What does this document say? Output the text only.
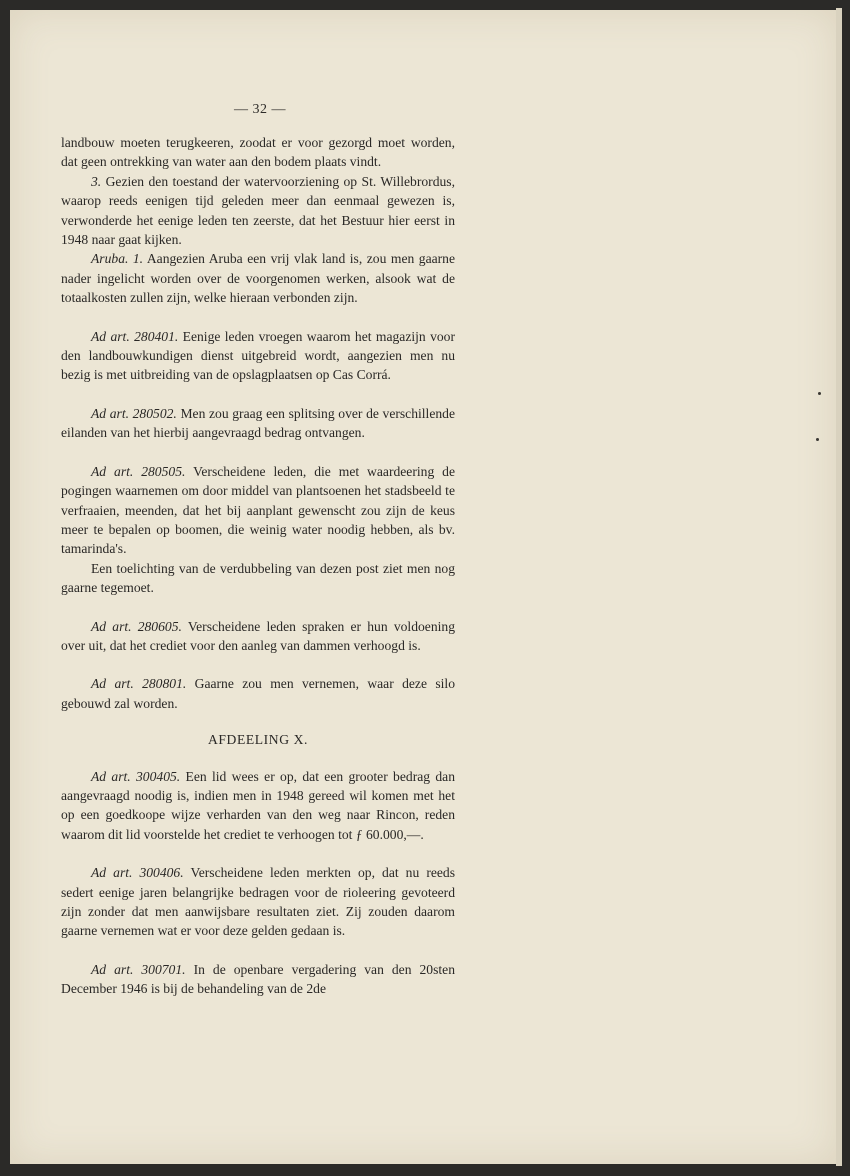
— 32 —

landbouw moeten terugkeeren, zoodat er voor gezorgd moet worden, dat geen ontrekking van water aan den bodem plaats vindt.

3. Gezien den toestand der watervoorziening op St. Willebrordus, waarop reeds eenigen tijd geleden meer dan eenmaal gewezen is, verwonderde het eenige leden ten zeerste, dat het Bestuur hier eerst in 1948 naar gaat kijken.

Aruba. 1. Aangezien Aruba een vrij vlak land is, zou men gaarne nader ingelicht worden over de voorgenomen werken, alsook wat de totaalkosten zullen zijn, welke hieraan verbonden zijn.

Ad art. 280401. Eenige leden vroegen waarom het magazijn voor den landbouwkundigen dienst uitgebreid wordt, aangezien men nu bezig is met uitbreiding van de opslagplaatsen op Cas Corrá.

Ad art. 280502. Men zou graag een splitsing over de verschillende eilanden van het hierbij aangevraagd bedrag ontvangen.

Ad art. 280505. Verscheidene leden, die met waardeering de pogingen waarnemen om door middel van plantsoenen het stadsbeeld te verfraaien, meenden, dat het bij aanplant gewenscht zou zijn de keus meer te bepalen op boomen, die weinig water noodig hebben, als bv. tamarinda's.

Een toelichting van de verdubbeling van dezen post ziet men nog gaarne tegemoet.

Ad art. 280605. Verscheidene leden spraken er hun voldoening over uit, dat het crediet voor den aanleg van dammen verhoogd is.

Ad art. 280801. Gaarne zou men vernemen, waar deze silo gebouwd zal worden.

AFDEELING X.

Ad art. 300405. Een lid wees er op, dat een grooter bedrag dan aangevraagd noodig is, indien men in 1948 gereed wil komen met het op een goedkoope wijze verharden van den weg naar Rincon, reden waarom dit lid voorstelde het crediet te verhoogen tot ƒ 60.000,—.

Ad art. 300406. Verscheidene leden merkten op, dat nu reeds sedert eenige jaren belangrijke bedragen voor de rioleering gevoteerd zijn zonder dat men aanwijsbare resultaten ziet. Zij zouden daarom gaarne vernemen wat er voor deze gelden gedaan is.

Ad art. 300701. In de openbare vergadering van den 20sten December 1946 is bij de behandeling van de 2de
